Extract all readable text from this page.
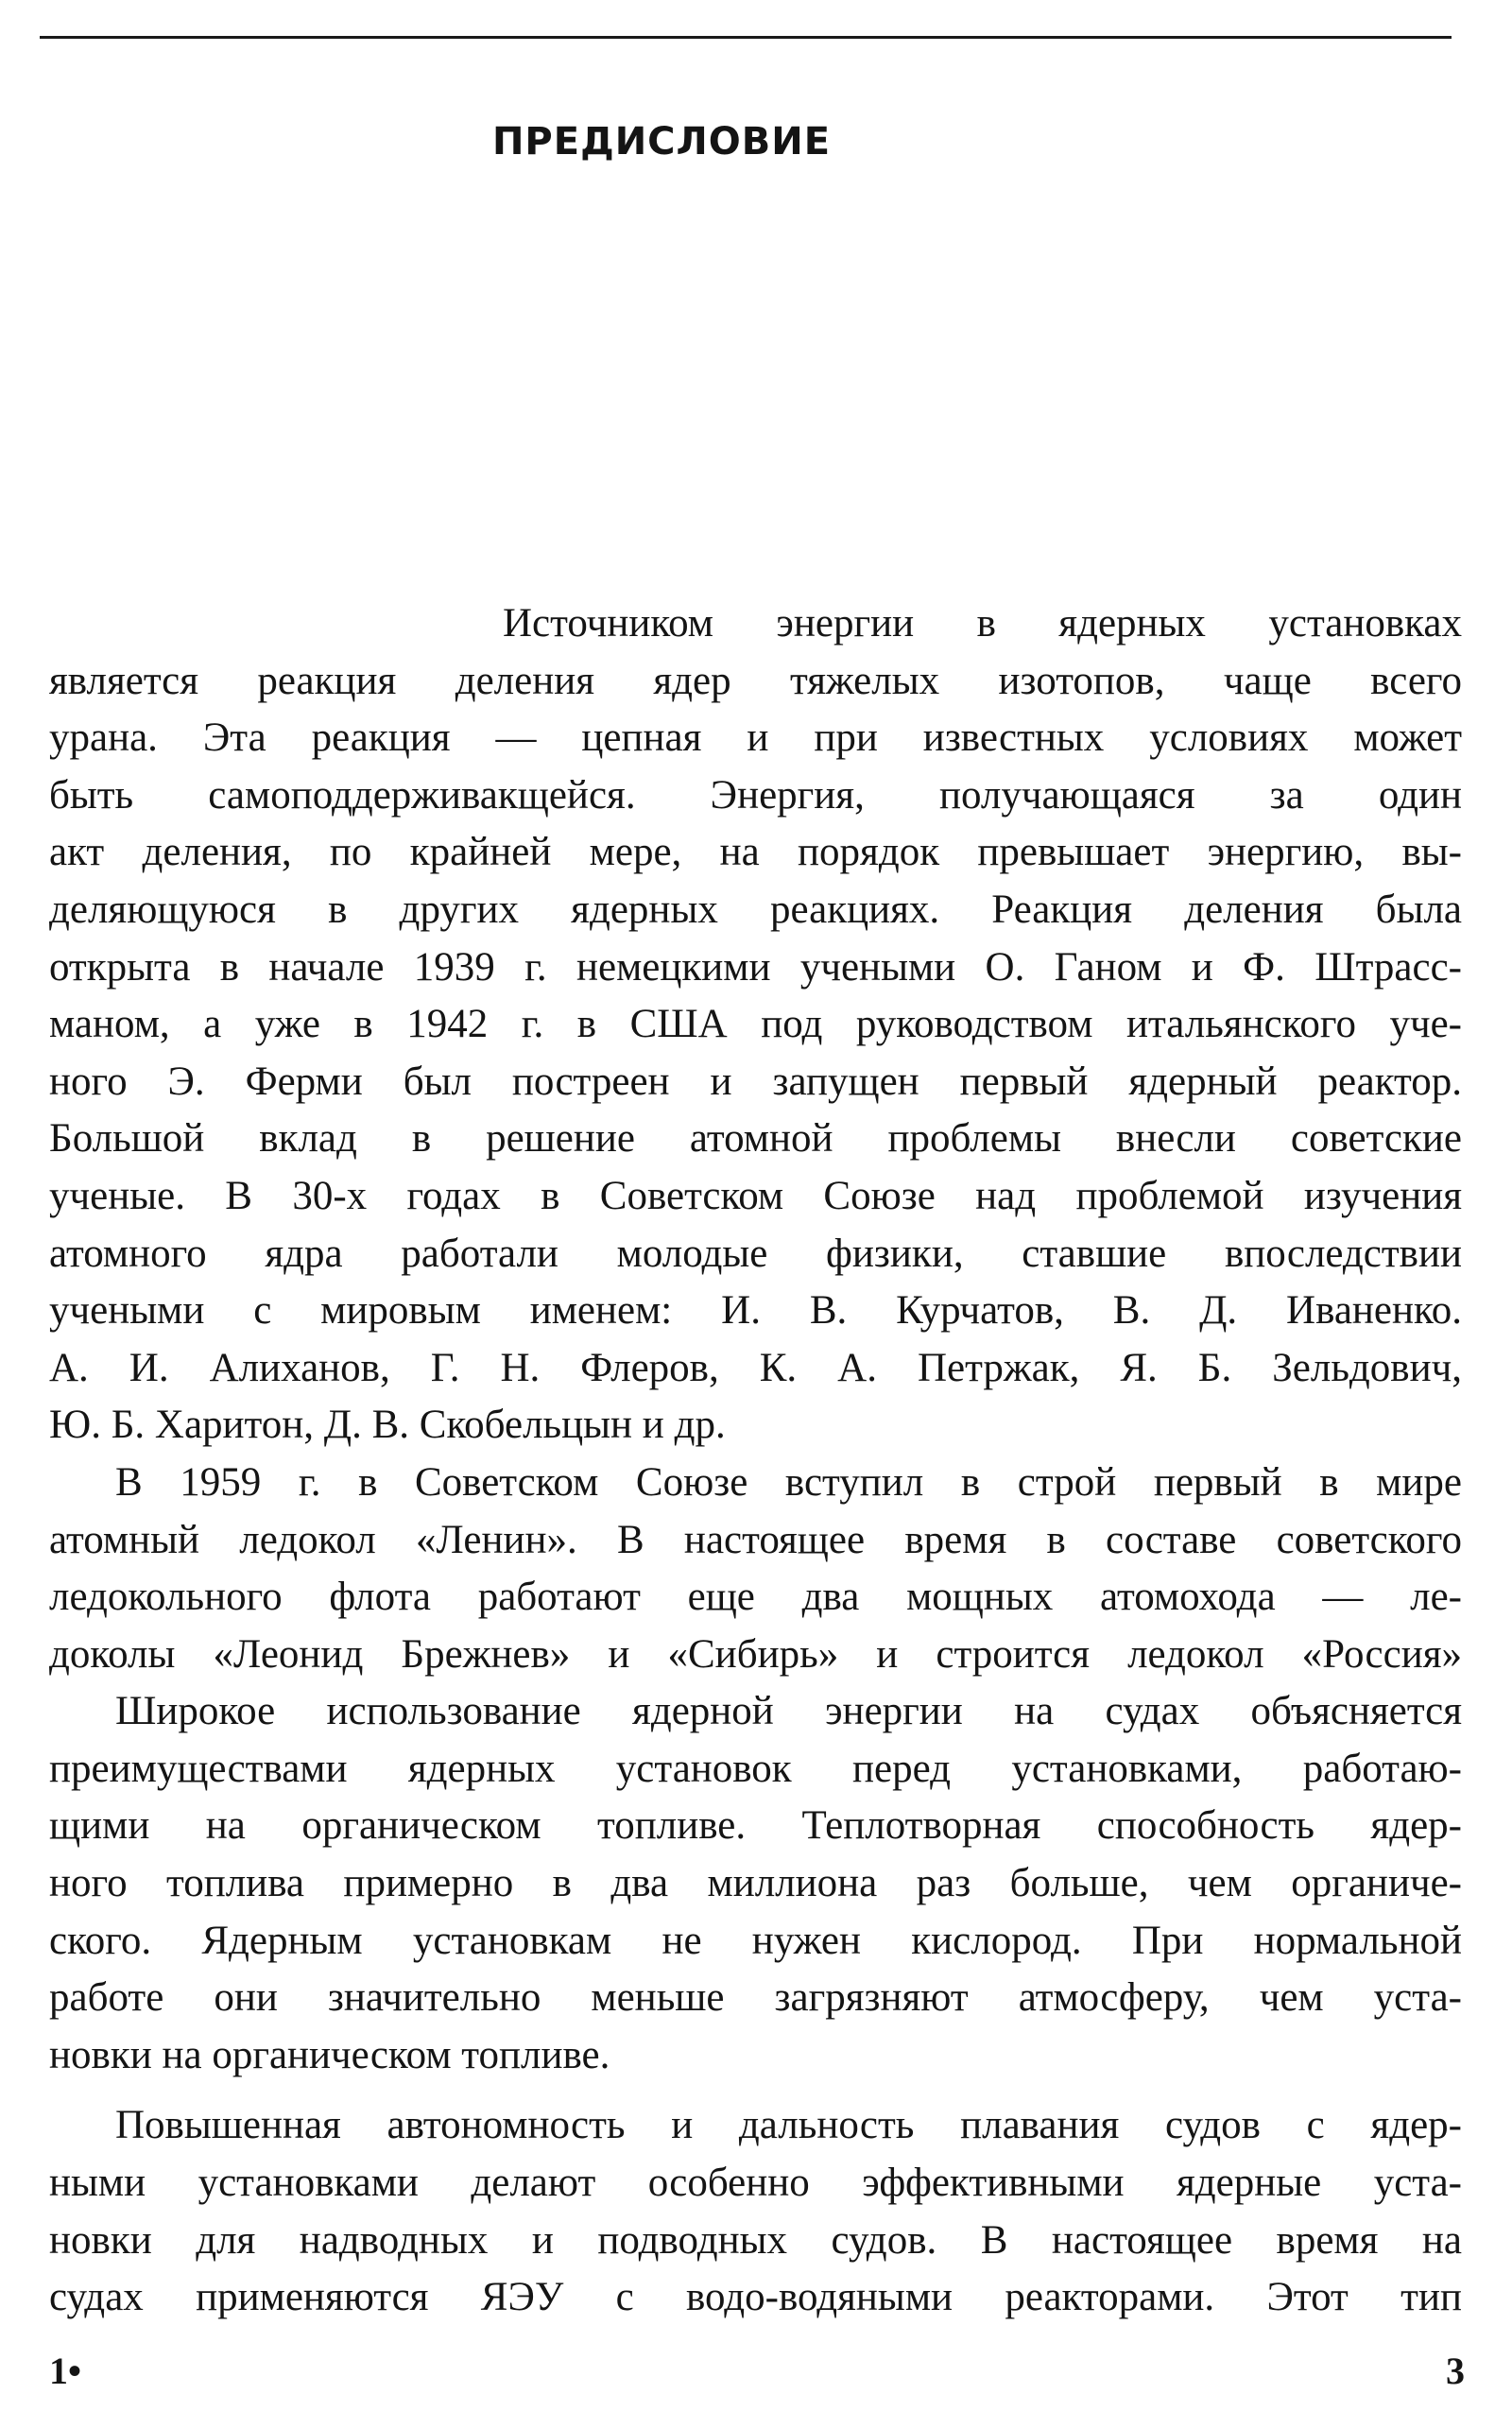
ПРЕДИСЛОВИЕ
Источником энергии в ядерных установках
является реакция деления ядер тяжелых изотопов, чаще всего
урана. Эта реакция — цепная и при известных условиях может
быть самоподдерживакщейся. Энергия, получающаяся за один
акт деления, по крайней мере, на порядок превышает энергию, вы-
деляющуюся в других ядерных реакциях. Реакция деления была
открыта в начале 1939 г. немецкими учеными О. Ганом и Ф. Штрасс-
маном, а уже в 1942 г. в США под руководством итальянского уче-
ного Э. Ферми был постреен и запущен первый ядерный реактор.
Большой вклад в решение атомной проблемы внесли советские
ученые. В 30-х годах в Советском Союзе над проблемой изучения
атомного ядра работали молодые физики, ставшие впоследствии
учеными с мировым именем: И. В. Курчатов, В. Д. Иваненко.
А. И. Алиханов, Г. Н. Флеров, К. А. Петржак, Я. Б. Зельдович,
Ю. Б. Харитон, Д. В. Скобельцын и др.
В 1959 г. в Советском Союзе вступил в строй первый в мире
атомный ледокол «Ленин». В настоящее время в составе советского
ледокольного флота работают еще два мощных атомохода — ле-
доколы «Леонид Брежнев» и «Сибирь» и строится ледокол «Россия»
Широкое использование ядерной энергии на судах объясняется
преимуществами ядерных установок перед установками, работаю-
щими на органическом топливе. Теплотворная способность ядер-
ного топлива примерно в два миллиона раз больше, чем органиче-
ского. Ядерным установкам не нужен кислород. При нормальной
работе они значительно меньше загрязняют атмосферу, чем уста-
новки на органическом топливе.
Повышенная автономность и дальность плавания судов с ядер-
ными установками делают особенно эффективными ядерные уста-
новки для надводных и подводных судов. В настоящее время на
судах применяются ЯЭУ с водо-водяными реакторами. Этот тип
1•	3
